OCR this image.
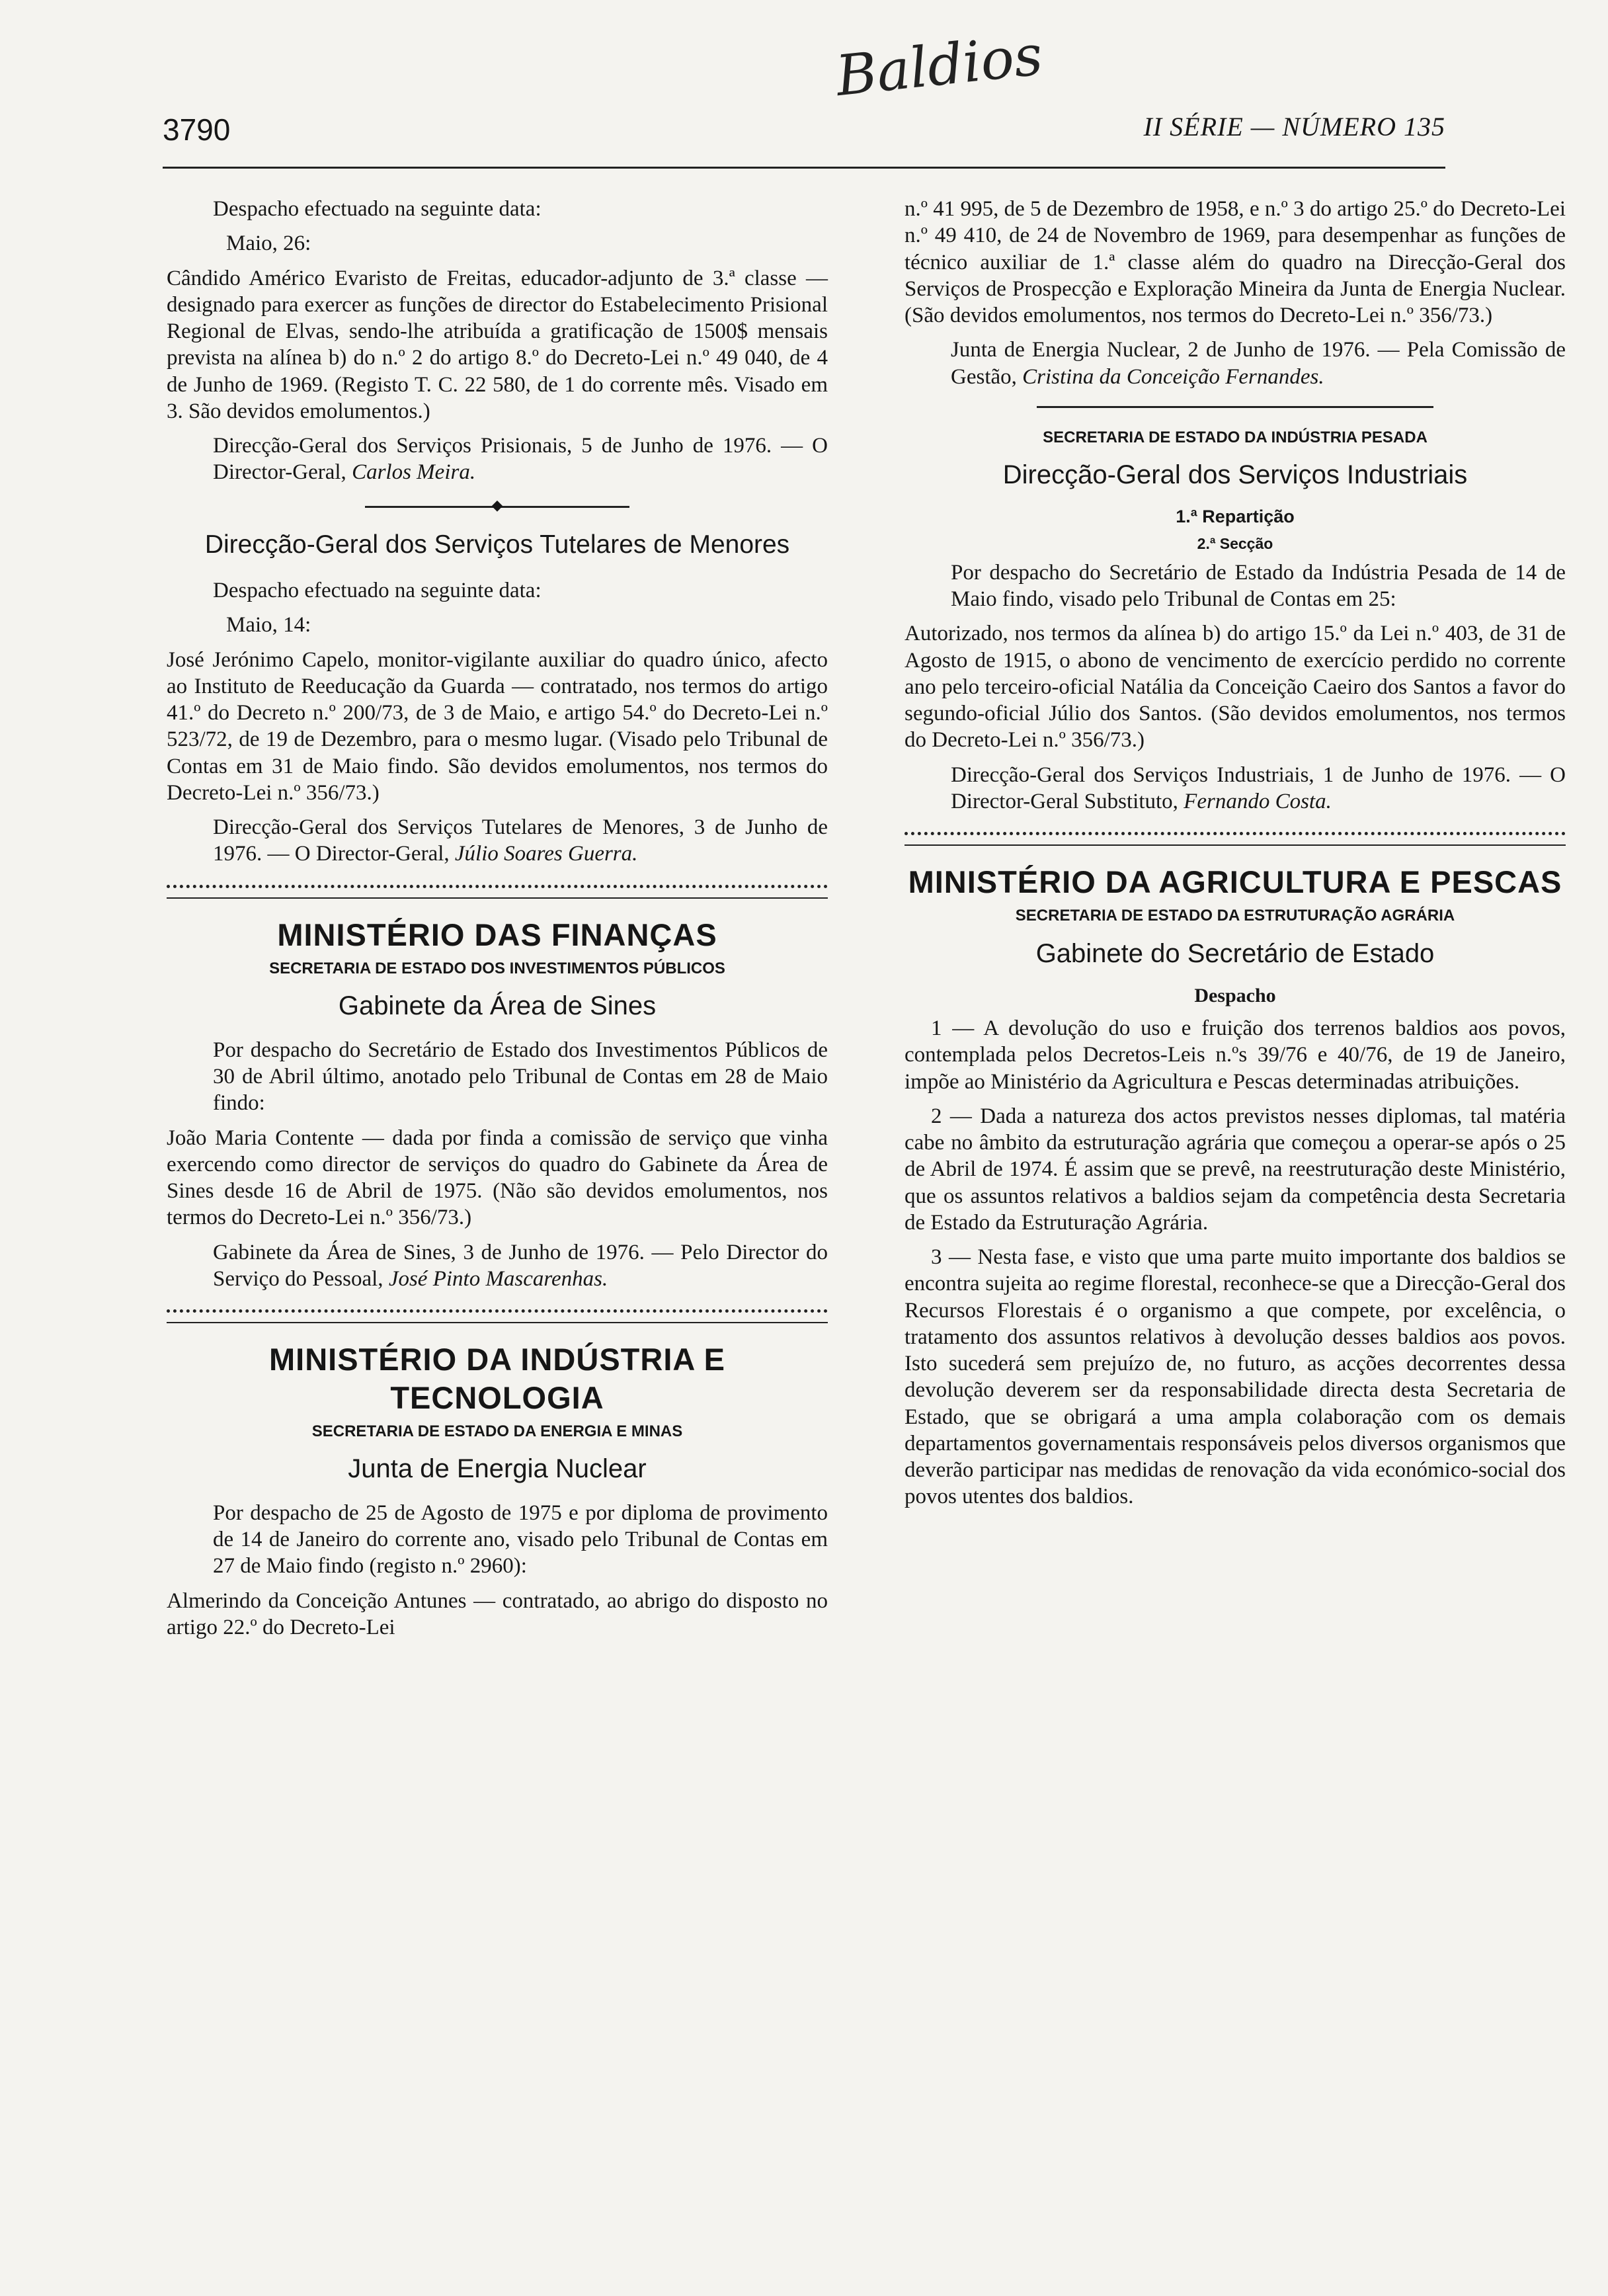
Baldios
3790	II SÉRIE — NÚMERO 135

Despacho efectuado na seguinte data:

Maio, 26:

Cândido Américo Evaristo de Freitas, educador-adjunto de 3.ª classe — designado para exercer as funções de director do Estabelecimento Prisional Regional de Elvas, sendo-lhe atribuída a gratificação de 1500$ mensais prevista na alínea b) do n.º 2 do artigo 8.º do Decreto-Lei n.º 49 040, de 4 de Junho de 1969. (Registo T. C. 22 580, de 1 do corrente mês. Visado em 3. São devidos emolumentos.)

Direcção-Geral dos Serviços Prisionais, 5 de Junho de 1976. — O Director-Geral, Carlos Meira.

◆
Direcção-Geral dos Serviços Tutelares de Menores

Despacho efectuado na seguinte data:

Maio, 14:

José Jerónimo Capelo, monitor-vigilante auxiliar do quadro único, afecto ao Instituto de Reeducação da Guarda — contratado, nos termos do artigo 41.º do Decreto n.º 200/73, de 3 de Maio, e artigo 54.º do Decreto-Lei n.º 523/72, de 19 de Dezembro, para o mesmo lugar. (Visado pelo Tribunal de Contas em 31 de Maio findo. São devidos emolumentos, nos termos do Decreto-Lei n.º 356/73.)

Direcção-Geral dos Serviços Tutelares de Menores, 3 de Junho de 1976. — O Director-Geral, Júlio Soares Guerra.

MINISTÉRIO DAS FINANÇAS
SECRETARIA DE ESTADO DOS INVESTIMENTOS PÚBLICOS
Gabinete da Área de Sines

Por despacho do Secretário de Estado dos Investimentos Públicos de 30 de Abril último, anotado pelo Tribunal de Contas em 28 de Maio findo:

João Maria Contente — dada por finda a comissão de serviço que vinha exercendo como director de serviços do quadro do Gabinete da Área de Sines desde 16 de Abril de 1975. (Não são devidos emolumentos, nos termos do Decreto-Lei n.º 356/73.)

Gabinete da Área de Sines, 3 de Junho de 1976. — Pelo Director do Serviço do Pessoal, José Pinto Mascarenhas.

MINISTÉRIO DA INDÚSTRIA E TECNOLOGIA
SECRETARIA DE ESTADO DA ENERGIA E MINAS
Junta de Energia Nuclear

Por despacho de 25 de Agosto de 1975 e por diploma de provimento de 14 de Janeiro do corrente ano, visado pelo Tribunal de Contas em 27 de Maio findo (registo n.º 2960):

Almerindo da Conceição Antunes — contratado, ao abrigo do disposto no artigo 22.º do Decreto-Lei

n.º 41 995, de 5 de Dezembro de 1958, e n.º 3 do artigo 25.º do Decreto-Lei n.º 49 410, de 24 de Novembro de 1969, para desempenhar as funções de técnico auxiliar de 1.ª classe além do quadro na Direcção-Geral dos Serviços de Prospecção e Exploração Mineira da Junta de Energia Nuclear. (São devidos emolumentos, nos termos do Decreto-Lei n.º 356/73.)

Junta de Energia Nuclear, 2 de Junho de 1976. — Pela Comissão de Gestão, Cristina da Conceição Fernandes.

SECRETARIA DE ESTADO DA INDÚSTRIA PESADA
Direcção-Geral dos Serviços Industriais
1.ª Repartição
2.ª Secção

Por despacho do Secretário de Estado da Indústria Pesada de 14 de Maio findo, visado pelo Tribunal de Contas em 25:

Autorizado, nos termos da alínea b) do artigo 15.º da Lei n.º 403, de 31 de Agosto de 1915, o abono de vencimento de exercício perdido no corrente ano pelo terceiro-oficial Natália da Conceição Caeiro dos Santos a favor do segundo-oficial Júlio dos Santos. (São devidos emolumentos, nos termos do Decreto-Lei n.º 356/73.)

Direcção-Geral dos Serviços Industriais, 1 de Junho de 1976. — O Director-Geral Substituto, Fernando Costa.

MINISTÉRIO DA AGRICULTURA E PESCAS
SECRETARIA DE ESTADO DA ESTRUTURAÇÃO AGRÁRIA
Gabinete do Secretário de Estado
Despacho

1 — A devolução do uso e fruição dos terrenos baldios aos povos, contemplada pelos Decretos-Leis n.ºs 39/76 e 40/76, de 19 de Janeiro, impõe ao Ministério da Agricultura e Pescas determinadas atribuições.

2 — Dada a natureza dos actos previstos nesses diplomas, tal matéria cabe no âmbito da estruturação agrária que começou a operar-se após o 25 de Abril de 1974. É assim que se prevê, na reestruturação deste Ministério, que os assuntos relativos a baldios sejam da competência desta Secretaria de Estado da Estruturação Agrária.

3 — Nesta fase, e visto que uma parte muito importante dos baldios se encontra sujeita ao regime florestal, reconhece-se que a Direcção-Geral dos Recursos Florestais é o organismo a que compete, por excelência, o tratamento dos assuntos relativos à devolução desses baldios aos povos. Isto sucederá sem prejuízo de, no futuro, as acções decorrentes dessa devolução deverem ser da responsabilidade directa desta Secretaria de Estado, que se obrigará a uma ampla colaboração com os demais departamentos governamentais responsáveis pelos diversos organismos que deverão participar nas medidas de renovação da vida económico-social dos povos utentes dos baldios.
